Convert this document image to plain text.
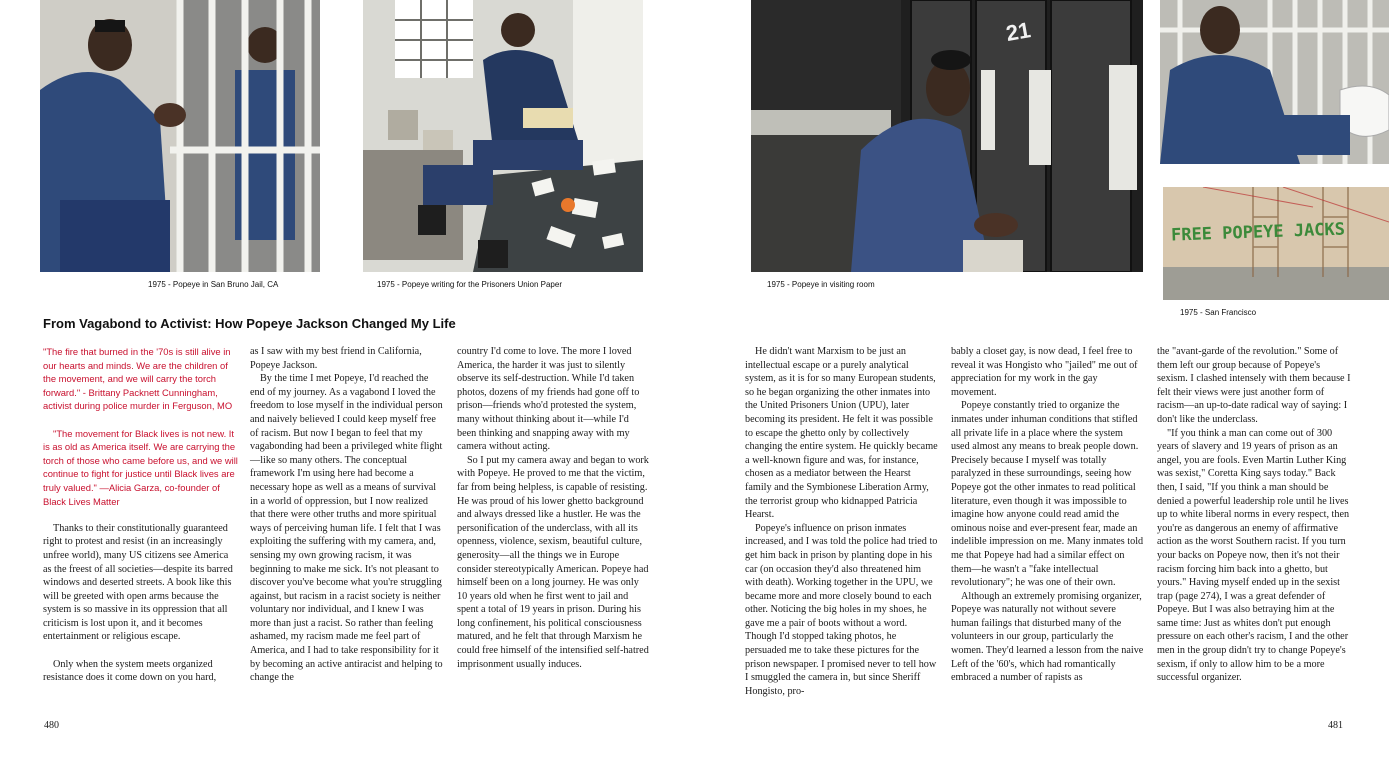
1975 - Popeye in San Bruno Jail, CA	1975 - Popeye writing for the Prisoners Union Paper
21
1975 - Popeye in visiting room
FREE POPEYE JACKS
1975 - San Francisco
From Vagabond to Activist: How Popeye Jackson Changed My Life

"The fire that burned in the '70s is still alive in our hearts and minds. We are the children of the movement, and we will carry the torch forward." - Brittany Packnett Cunningham, activist during police murder in Ferguson, MO

"The movement for Black lives is not new. It is as old as America itself. We are carrying the torch of those who came before us, and we will continue to fight for justice until Black lives are truly valued." —Alicia Garza, co-founder of Black Lives Matter

Thanks to their constitutionally guaranteed right to protest and resist (in an increasingly unfree world), many US citizens see America as the freest of all societies—despite its barred windows and deserted streets. A book like this will be greeted with open arms because the system is so massive in its oppression that all criticism is lost upon it, and it becomes entertainment or religious escape.

Only when the system meets organized resistance does it come down on you hard,

as I saw with my best friend in California, Popeye Jackson.

By the time I met Popeye, I'd reached the end of my journey. As a vagabond I loved the freedom to lose myself in the individual person and naively believed I could keep myself free of racism. But now I began to feel that my vagabonding had been a privileged white flight—like so many others. The conceptual framework I'm using here had become a necessary hope as well as a means of survival in a world of oppression, but I now realized that there were other truths and more spiritual ways of perceiving human life. I felt that I was exploiting the suffering with my camera, and, sensing my own growing racism, it was beginning to make me sick. It's not pleasant to discover you've become what you're struggling against, but racism in a racist society is neither voluntary nor individual, and I knew I was more than just a racist. So rather than feeling ashamed, my racism made me feel part of America, and I had to take responsibility for it by becoming an active antiracist and helping to change the

country I'd come to love. The more I loved America, the harder it was just to silently observe its self-destruction. While I'd taken photos, dozens of my friends had gone off to prison—friends who'd protested the system, many without thinking about it—while I'd been thinking and snapping away with my camera without acting.

So I put my camera away and began to work with Popeye. He proved to me that the victim, far from being helpless, is capable of resisting. He was proud of his lower ghetto background and always dressed like a hustler. He was the personification of the underclass, with all its openness, violence, sexism, beautiful culture, generosity—all the things we in Europe consider stereotypically American. Popeye had himself been on a long journey. He was only 10 years old when he first went to jail and spent a total of 19 years in prison. During his long confinement, his political consciousness matured, and he felt that through Marxism he could free himself of the intensified self-hatred imprisonment usually induces.

He didn't want Marxism to be just an intellectual escape or a purely analytical system, as it is for so many European students, so he began organizing the other inmates into the United Prisoners Union (UPU), later becoming its president. He felt it was possible to escape the ghetto only by collectively changing the entire system. He quickly became a well-known figure and was, for instance, chosen as a mediator between the Hearst family and the Symbionese Liberation Army, the terrorist group who kidnapped Patricia Hearst.

Popeye's influence on prison inmates increased, and I was told the police had tried to get him back in prison by planting dope in his car (on occasion they'd also threatened him with death). Working together in the UPU, we became more and more closely bound to each other. Noticing the big holes in my shoes, he gave me a pair of boots without a word. Though I'd stopped taking photos, he persuaded me to take these pictures for the prison newspaper. I promised never to tell how I smuggled the camera in, but since Sheriff Hongisto, pro-

bably a closet gay, is now dead, I feel free to reveal it was Hongisto who "jailed" me out of appreciation for my work in the gay movement.

Popeye constantly tried to organize the inmates under inhuman conditions that stifled all private life in a place where the system used almost any means to break people down. Precisely because I myself was totally paralyzed in these surroundings, seeing how Popeye got the other inmates to read political literature, even though it was impossible to imagine how anyone could read amid the ominous noise and ever-present fear, made an indelible impression on me. Many inmates told me that Popeye had had a similar effect on them—he wasn't a "fake intellectual revolutionary"; he was one of their own.

Although an extremely promising organizer, Popeye was naturally not without severe human failings that disturbed many of the volunteers in our group, particularly the women. They'd learned a lesson from the naive Left of the '60's, which had romantically embraced a number of rapists as

the "avant-garde of the revolution." Some of them left our group because of Popeye's sexism. I clashed intensely with them because I felt their views were just another form of racism—an up-to-date radical way of saying: I don't like the underclass.

"If you think a man can come out of 300 years of slavery and 19 years of prison as an angel, you are fools. Even Martin Luther King was sexist," Coretta King says today." Back then, I said, "If you think a man should be denied a powerful leadership role until he lives up to white liberal norms in every respect, then you're as dangerous an enemy of affirmative action as the worst Southern racist. If you turn your backs on Popeye now, then it's not their racism forcing him back into a ghetto, but yours." Having myself ended up in the sexist trap (page 274), I was a great defender of Popeye. But I was also betraying him at the same time: Just as whites don't put enough pressure on each other's racism, I and the other men in the group didn't try to change Popeye's sexism, if only to allow him to be a more successful organizer.

480	481
